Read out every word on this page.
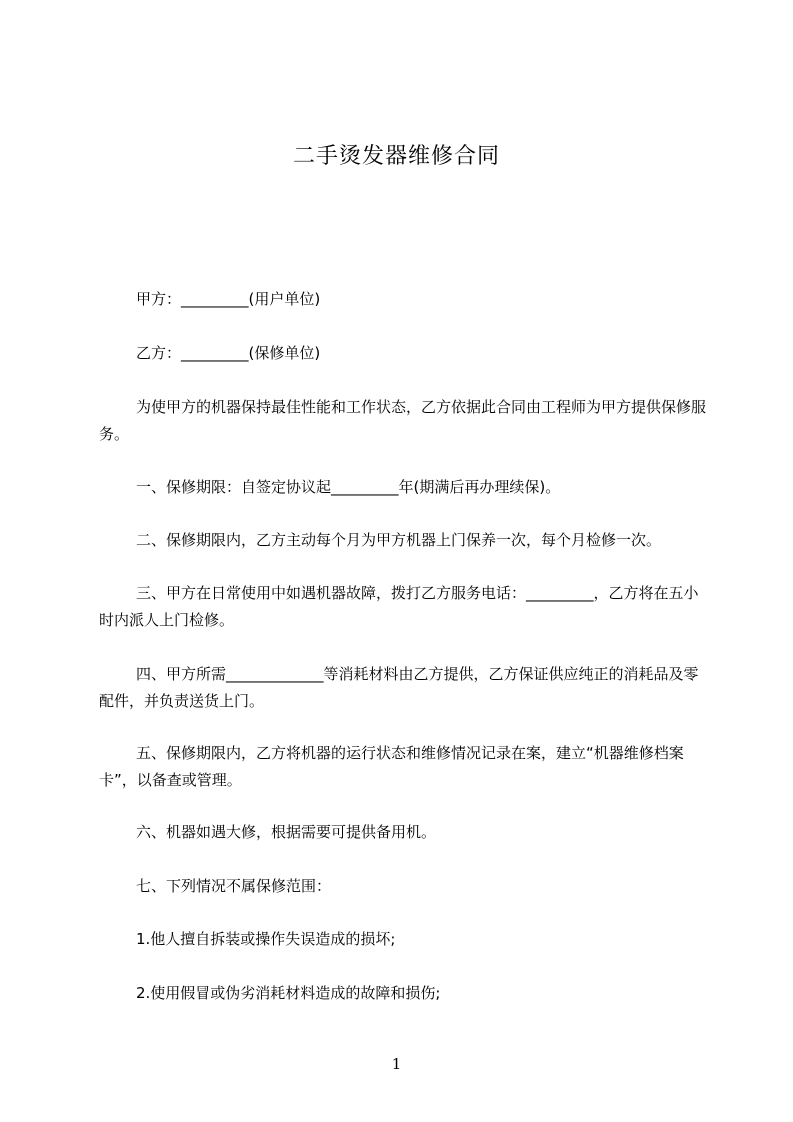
二手烫发器维修合同

甲方：_________(用户单位)

乙方：_________(保修单位)

为使甲方的机器保持最佳性能和工作状态，乙方依据此合同由工程师为甲方提供保修服务。

一、保修期限：自签定协议起_________年(期满后再办理续保)。

二、保修期限内，乙方主动每个月为甲方机器上门保养一次，每个月检修一次。

三、甲方在日常使用中如遇机器故障，拨打乙方服务电话：_________，乙方将在五小时内派人上门检修。

四、甲方所需_____________等消耗材料由乙方提供，乙方保证供应纯正的消耗品及零配件，并负责送货上门。

五、保修期限内，乙方将机器的运行状态和维修情况记录在案，建立“机器维修档案卡”，以备查或管理。

六、机器如遇大修，根据需要可提供备用机。

七、下列情况不属保修范围：

1.他人擅自拆装或操作失误造成的损坏;

2.使用假冒或伪劣消耗材料造成的故障和损伤;

1
